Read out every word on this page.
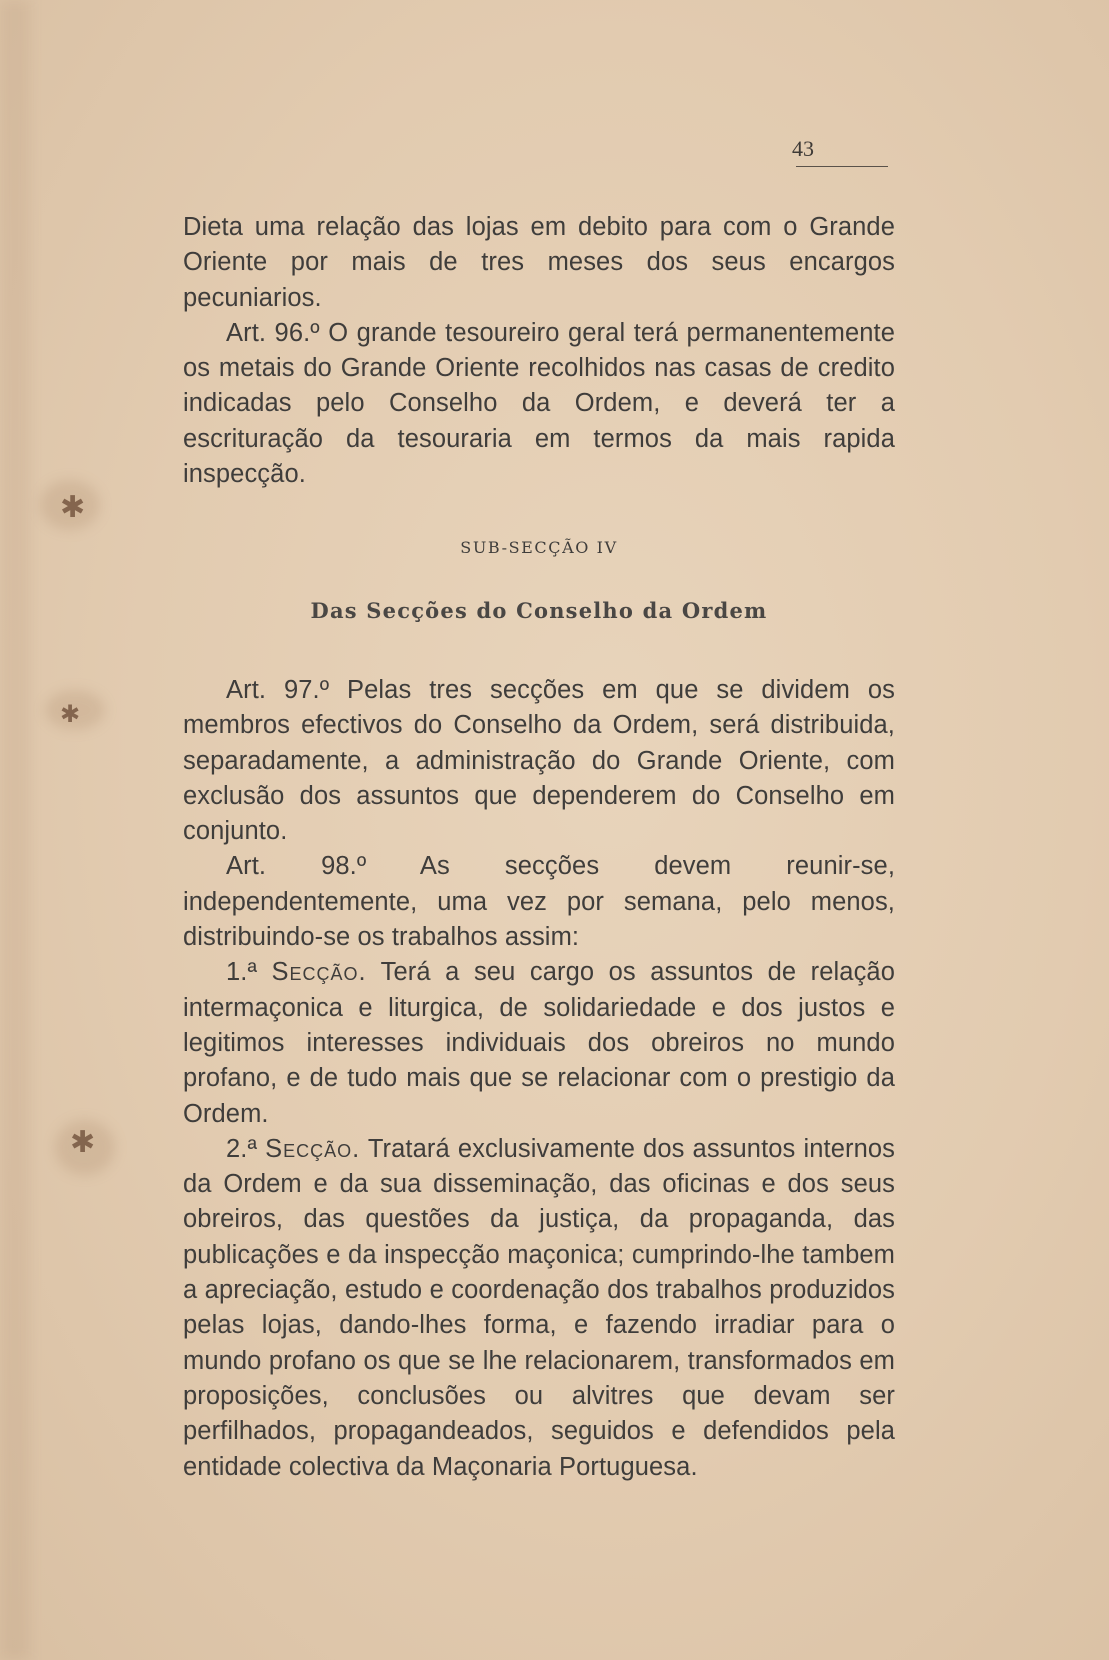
✱
✱
✱
43

Dieta uma relação das lojas em debito para com o Grande Oriente por mais de tres meses dos seus encargos pecuniarios.

Art. 96.º O grande tesoureiro geral terá permanentemente os metais do Grande Oriente recolhidos nas casas de credito indicadas pelo Conselho da Ordem, e deverá ter a escrituração da tesouraria em termos da mais rapida inspecção.

SUB-SECÇÃO IV
Das Secções do Conselho da Ordem

Art. 97.º Pelas tres secções em que se dividem os membros efectivos do Conselho da Ordem, será distribuida, separadamente, a administração do Grande Oriente, com exclusão dos assuntos que dependerem do Conselho em conjunto.

Art. 98.º As secções devem reunir-se, independentemente, uma vez por semana, pelo menos, distribuindo-se os trabalhos assim:

1.ª Secção. Terá a seu cargo os assuntos de relação intermaçonica e liturgica, de solidariedade e dos justos e legitimos interesses individuais dos obreiros no mundo profano, e de tudo mais que se relacionar com o prestigio da Ordem.

2.ª Secção. Tratará exclusivamente dos assuntos internos da Ordem e da sua disseminação, das oficinas e dos seus obreiros, das questões da justiça, da propaganda, das publicações e da inspecção maçonica; cumprindo-lhe tambem a apreciação, estudo e coordenação dos trabalhos produzidos pelas lojas, dando-lhes forma, e fazendo irradiar para o mundo profano os que se lhe relacionarem, transformados em proposições, conclusões ou alvitres que devam ser perfilhados, propagandeados, seguidos e defendidos pela entidade colectiva da Maçonaria Portuguesa.
